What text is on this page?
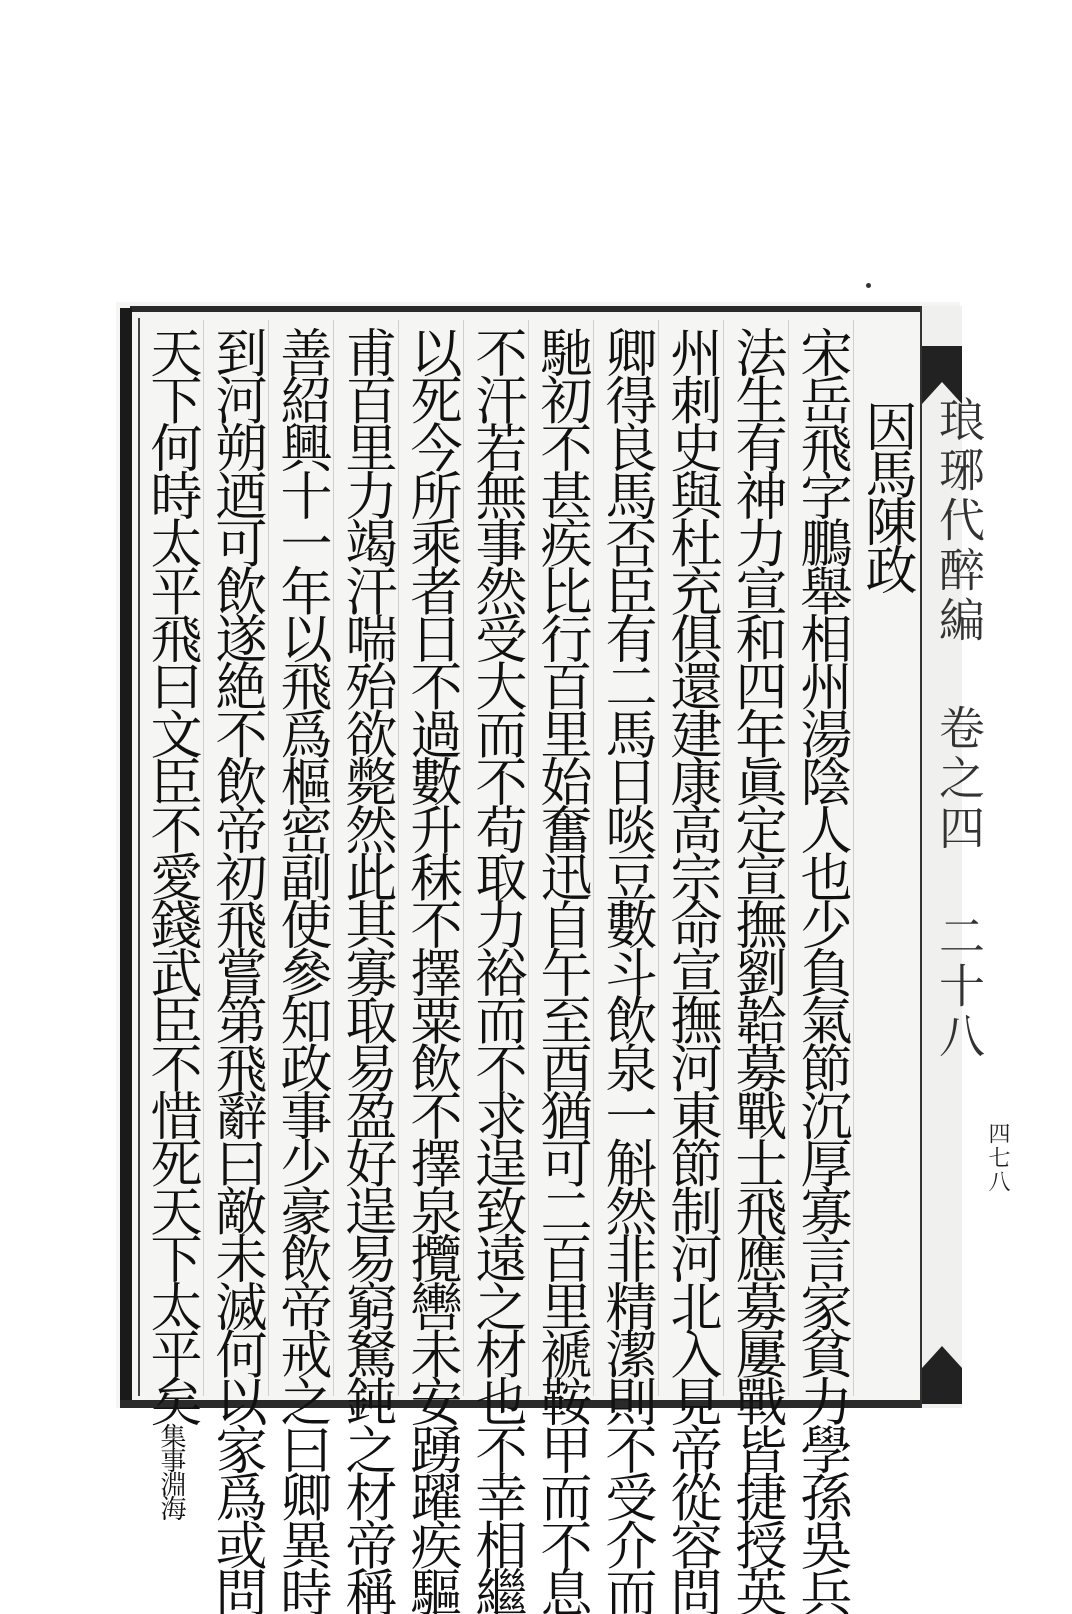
因馬陳政
宋岳飛字鵬舉相州湯陰人也少負氣節沉厚寡言家貧力學孫吳兵
法生有神力宣和四年眞定宣撫劉韐募戰士飛應募屢戰皆捷授英
州刺史與杜充俱還建康高宗命宣撫河東節制河北入見帝從容問
卿得良馬否臣有二馬日啖豆數斗飲泉一斛然非精潔則不受介而
馳初不甚疾比行百里始奮迅自午至酉猶可二百里褫鞍甲而不息
不汗若無事然受大而不苟取力裕而不求逞致遠之材也不幸相繼
以死今所乘者日不過數升秣不擇粟飲不擇泉攬轡未安踴躍疾驅
甫百里力竭汗喘殆欲斃然此其寡取易盈好逞易窮駑鈍之材帝稱
善紹興十一年以飛爲樞密副使參知政事少豪飲帝戒之曰卿異時
到河朔迺可飲遂絶不飲帝初飛嘗第飛辭曰敵未滅何以家爲或問
天下何時太平飛曰文臣不愛錢武臣不惜死天下太平矣集事淵海
琅琊代醉編 卷之四 二十八
四七八
